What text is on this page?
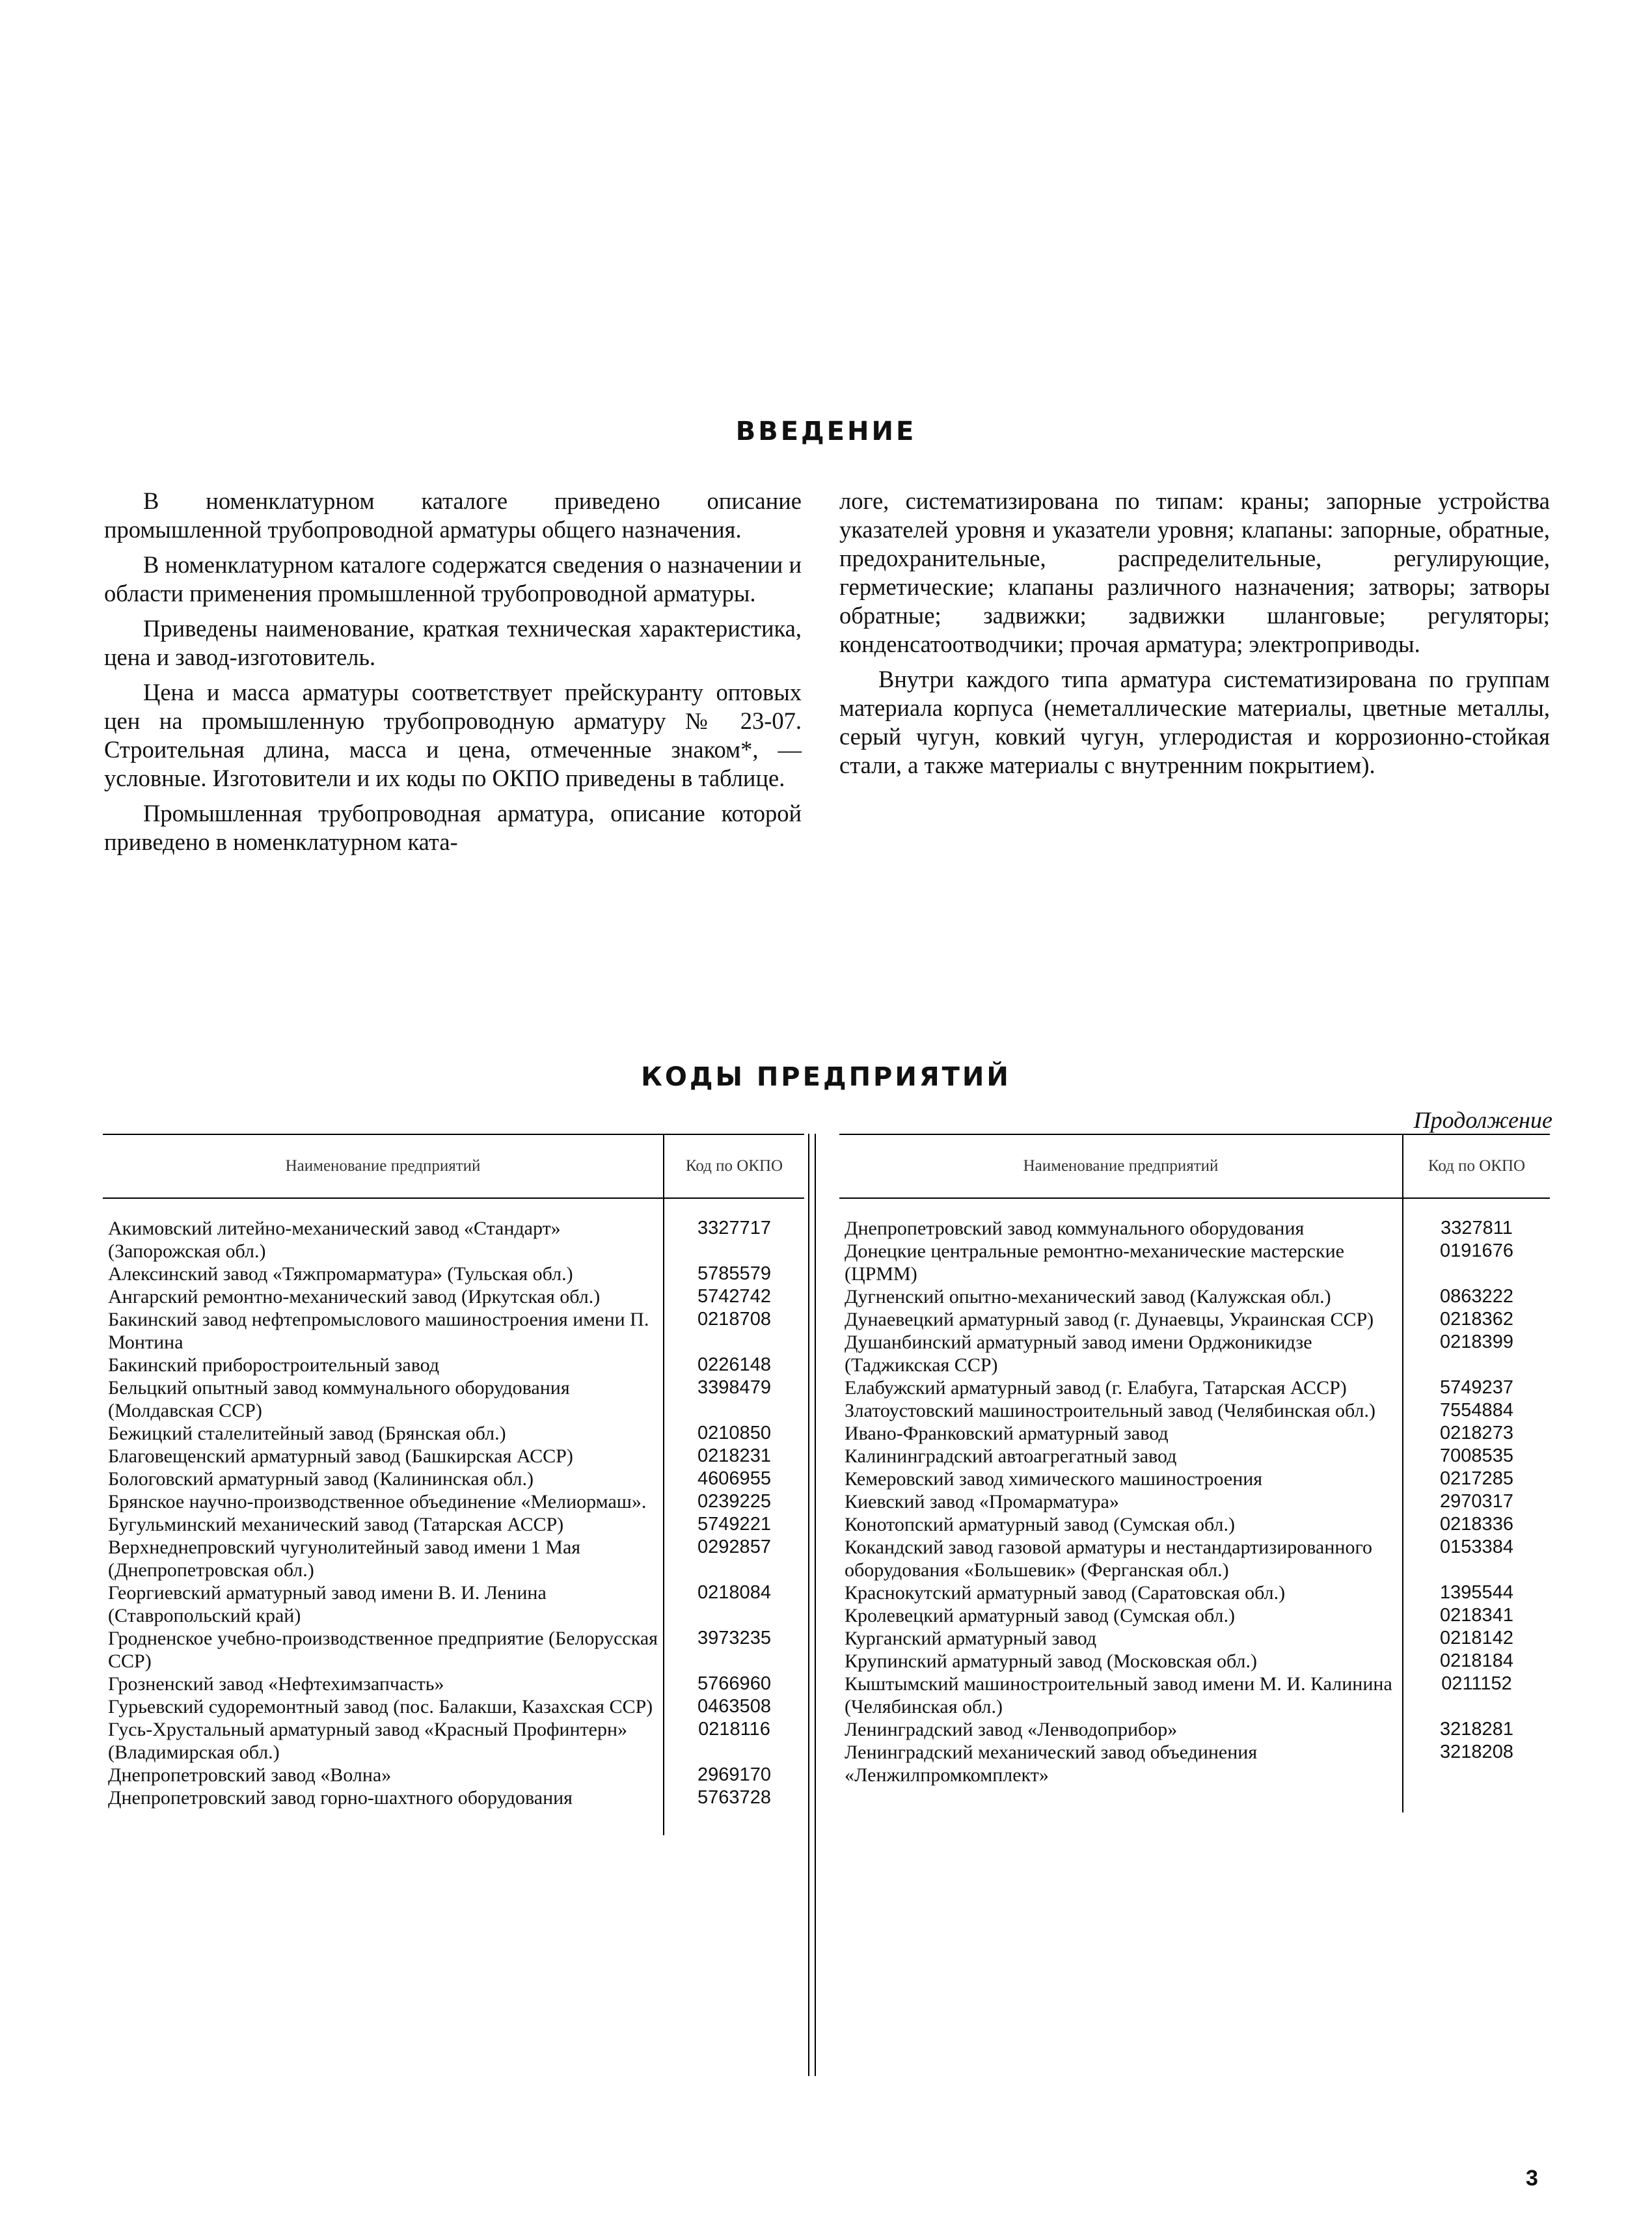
ВВЕДЕНИЕ

В номенклатурном каталоге приведено описание промышленной трубопроводной арматуры общего назначения.

В номенклатурном каталоге содержатся сведения о назначении и области применения промышленной трубопроводной арматуры.

Приведены наименование, краткая техническая характеристика, цена и завод-изготовитель.

Цена и масса арматуры соответствует прейскуранту оптовых цен на промышленную трубопроводную арматуру № 23-07. Строительная длина, масса и цена, отмеченные знаком*, — условные. Изготовители и их коды по ОКПО приведены в таблице.

Промышленная трубопроводная арматура, описание которой приведено в номенклатурном ката-

логе, систематизирована по типам: краны; запорные устройства указателей уровня и указатели уровня; клапаны: запорные, обратные, предохранительные, распределительные, регулирующие, герметические; клапаны различного назначения; затворы; затворы обратные; задвижки; задвижки шланговые; регуляторы; конденсатоотводчики; прочая арматура; электроприводы.

Внутри каждого типа арматура систематизирована по группам материала корпуса (неметаллические материалы, цветные металлы, серый чугун, ковкий чугун, углеродистая и коррозионно-стойкая стали, а также материалы с внутренним покрытием).

КОДЫ ПРЕДПРИЯТИЙ
Продолжение
Наименование предприятий	Код по ОКПО

Акимовский литейно-механический завод «Стандарт» (Запорожская обл.)	3327717
Алексинский завод «Тяжпромарматура» (Тульская обл.)	5785579
Ангарский ремонтно-механический завод (Иркутская обл.)	5742742
Бакинский завод нефтепромыслового машиностроения имени П. Монтина	0218708
Бакинский приборостроительный завод	0226148
Бельцкий опытный завод коммунального оборудования (Молдавская ССР)	3398479
Бежицкий сталелитейный завод (Брянская обл.)	0210850
Благовещенский арматурный завод (Башкирская АССР)	0218231
Бологовский арматурный завод (Калининская обл.)	4606955
Брянское научно-производственное объединение «Мелиормаш».	0239225
Бугульминский механический завод (Татарская АССР)	5749221
Верхнеднепровский чугунолитейный завод имени 1 Мая (Днепропетровская обл.)	0292857
Георгиевский арматурный завод имени В. И. Ленина (Ставропольский край)	0218084
Гродненское учебно-производственное предприятие (Белорусская ССР)	3973235
Грозненский завод «Нефтехимзапчасть»	5766960
Гурьевский судоремонтный завод (пос. Балакши, Казахская ССР)	0463508
Гусь-Хрустальный арматурный завод «Красный Профинтерн» (Владимирская обл.)	0218116
Днепропетровский завод «Волна»	2969170
Днепропетровский завод горно-шахтного оборудования	5763728

Наименование предприятий	Код по ОКПО

Днепропетровский завод коммунального оборудования	3327811
Донецкие центральные ремонтно-механические мастерские (ЦРММ)	0191676
Дугненский опытно-механический завод (Калужская обл.)	0863222
Дунаевецкий арматурный завод (г. Дунаевцы, Украинская ССР)	0218362
Душанбинский арматурный завод имени Орджоникидзе (Таджикская ССР)	0218399
Елабужский арматурный завод (г. Елабуга, Татарская АССР)	5749237
Златоустовский машиностроительный завод (Челябинская обл.)	7554884
Ивано-Франковский арматурный завод	0218273
Калининградский автоагрегатный завод	7008535
Кемеровский завод химического машиностроения	0217285
Киевский завод «Промарматура»	2970317
Конотопский арматурный завод (Сумская обл.)	0218336
Кокандский завод газовой арматуры и нестандартизированного оборудования «Большевик» (Ферганская обл.)	0153384
Краснокутский арматурный завод (Саратовская обл.)	1395544
Кролевецкий арматурный завод (Сумская обл.)	0218341
Курганский арматурный завод	0218142
Крупинский арматурный завод (Московская обл.)	0218184
Кыштымский машиностроительный завод имени М. И. Калинина (Челябинская обл.)	0211152
Ленинградский завод «Ленводоприбор»	3218281
Ленинградский механический завод объединения «Ленжилпромкомплект»	3218208

3
